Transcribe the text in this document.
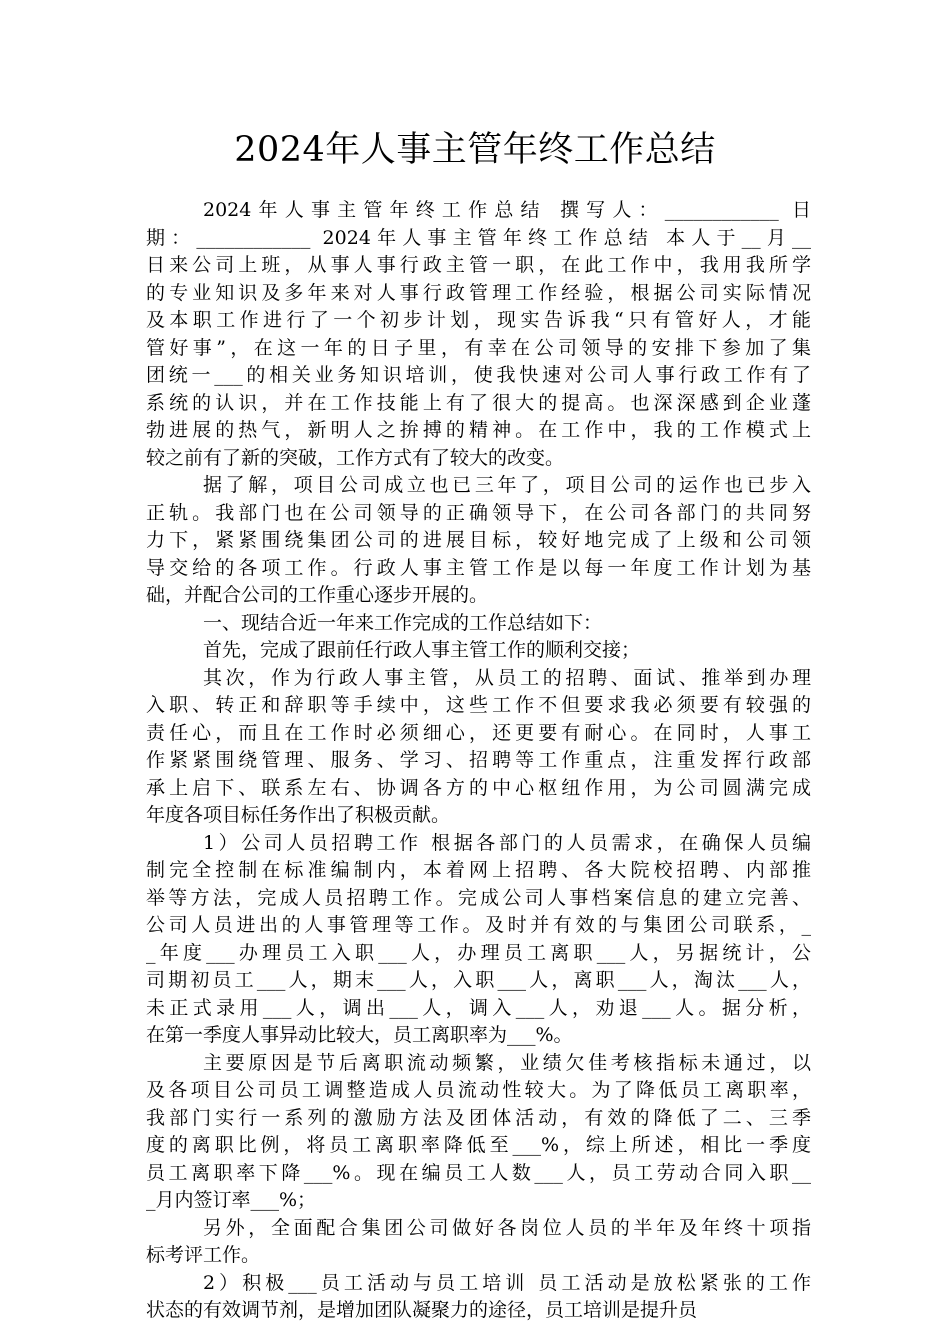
2024年人事主管年终工作总结
2024年人事主管年终工作总结 撰写人：____________ 日
期：____________ 2024年人事主管年终工作总结 本人于__月__
日来公司上班，从事人事行政主管一职，在此工作中，我用我所学
的专业知识及多年来对人事行政管理工作经验，根据公司实际情况
及本职工作进行了一个初步计划，现实告诉我“只有管好人，才能
管好事”，在这一年的日子里，有幸在公司领导的安排下参加了集
团统一___的相关业务知识培训，使我快速对公司人事行政工作有了
系统的认识，并在工作技能上有了很大的提高。也深深感到企业蓬
勃进展的热气，新明人之拚搏的精神。在工作中，我的工作模式上
较之前有了新的突破，工作方式有了较大的改变。
据了解，项目公司成立也已三年了，项目公司的运作也已步入
正轨。我部门也在公司领导的正确领导下，在公司各部门的共同努
力下，紧紧围绕集团公司的进展目标，较好地完成了上级和公司领
导交给的各项工作。行政人事主管工作是以每一年度工作计划为基
础，并配合公司的工作重心逐步开展的。
一、现结合近一年来工作完成的工作总结如下：
首先，完成了跟前任行政人事主管工作的顺利交接；
其次，作为行政人事主管，从员工的招聘、面试、推举到办理
入职、转正和辞职等手续中，这些工作不但要求我必须要有较强的
责任心，而且在工作时必须细心，还更要有耐心。在同时，人事工
作紧紧围绕管理、服务、学习、招聘等工作重点，注重发挥行政部
承上启下、联系左右、协调各方的中心枢纽作用，为公司圆满完成
年度各项目标任务作出了积极贡献。
1）公司人员招聘工作 根据各部门的人员需求，在确保人员编
制完全控制在标准编制内，本着网上招聘、各大院校招聘、内部推
举等方法，完成人员招聘工作。完成公司人事档案信息的建立完善、
公司人员进出的人事管理等工作。及时并有效的与集团公司联系，_
_年度___办理员工入职___人，办理员工离职___人，另据统计，公
司期初员工___人，期末___人，入职___人，离职___人，淘汰___人，
未正式录用___人，调出___人，调入___人，劝退___人。据分析，
在第一季度人事异动比较大，员工离职率为___%。
主要原因是节后离职流动频繁，业绩欠佳考核指标未通过，以
及各项目公司员工调整造成人员流动性较大。为了降低员工离职率，
我部门实行一系列的激励方法及团体活动，有效的降低了二、三季
度的离职比例，将员工离职率降低至___%，综上所述，相比一季度
员工离职率下降___%。现在编员工人数___人，员工劳动合同入职__
_月内签订率___%；
另外，全面配合集团公司做好各岗位人员的半年及年终十项指
标考评工作。
2）积极___员工活动与员工培训 员工活动是放松紧张的工作
状态的有效调节剂，是增加团队凝聚力的途径，员工培训是提升员
